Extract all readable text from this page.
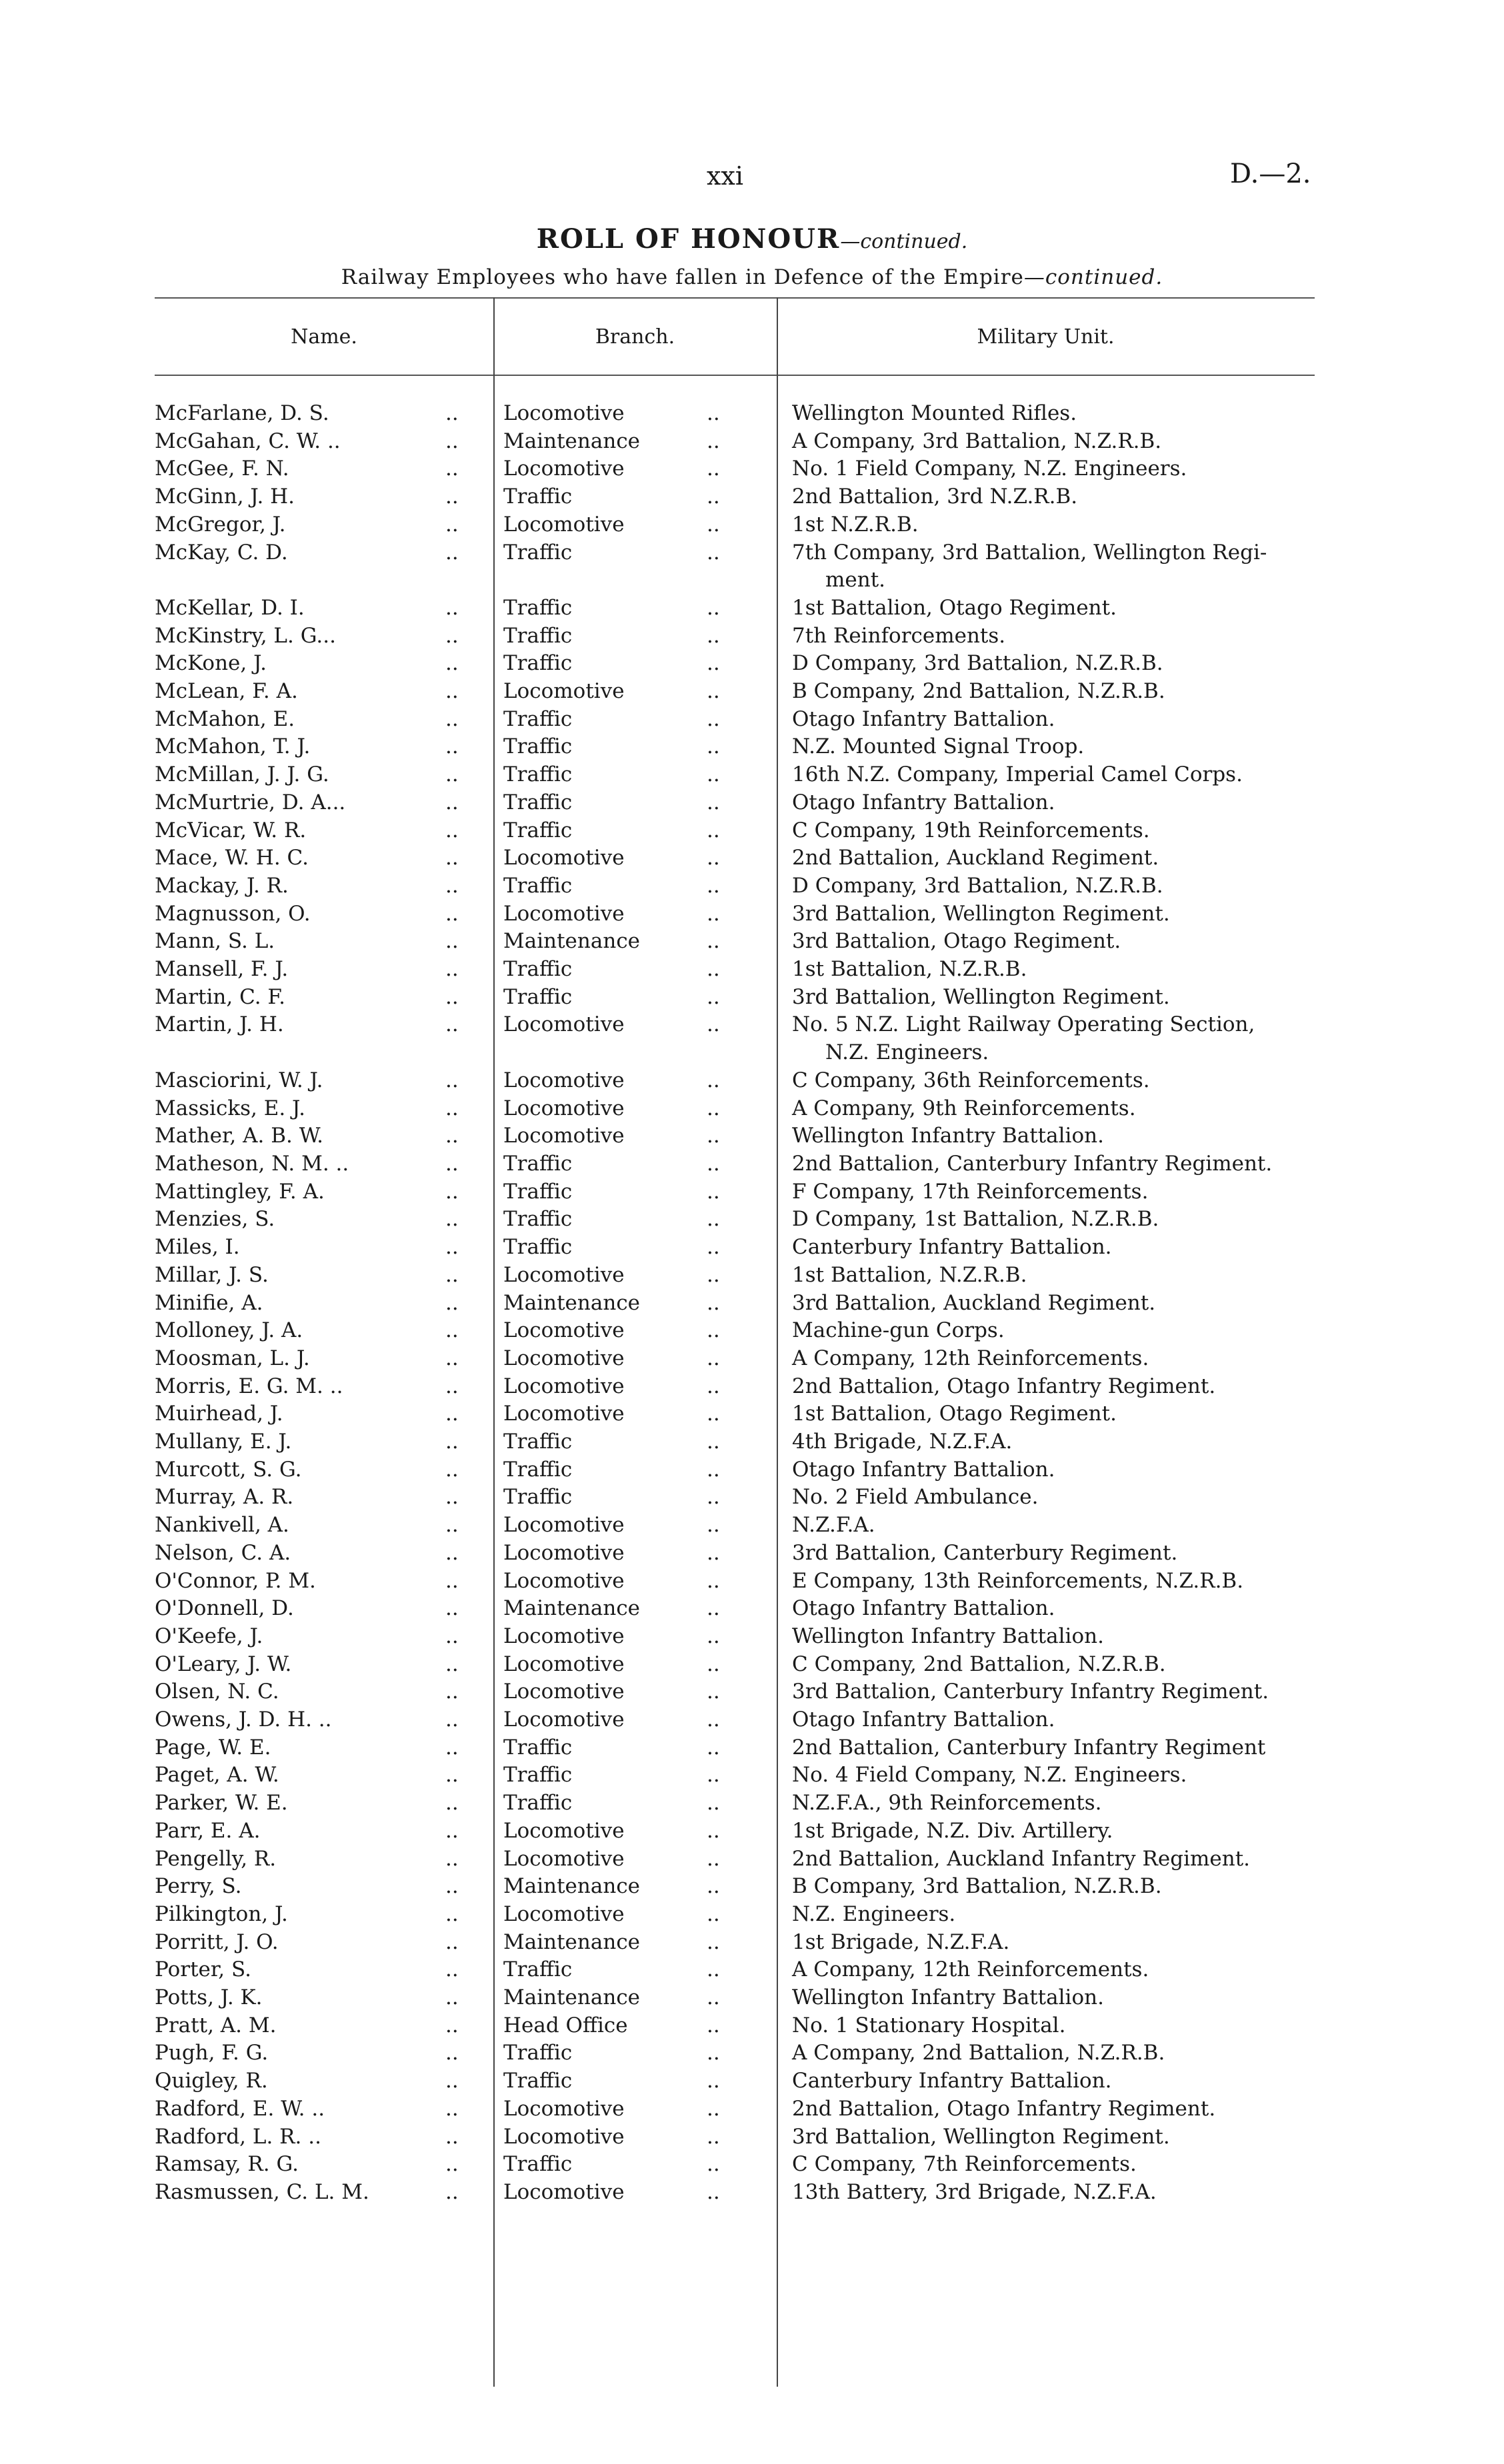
xxi	D.—2.
ROLL OF HONOUR—continued.
Railway Employees who have fallen in Defence of the Empire—continued.
Name.	Branch.	Military Unit.
McFarlane, D. S.	.. Locomotive	..	Wellington Mounted Rifles.
McGahan, C. W. ..	.. Maintenance	..	A Company, 3rd Battalion, N.Z.R.B.
McGee, F. N.	.. Locomotive	..	No. 1 Field Company, N.Z. Engineers.
McGinn, J. H.	.. Traffic	..	2nd Battalion, 3rd N.Z.R.B.
McGregor, J.	.. Locomotive	..	1st N.Z.R.B.
McKay, C. D.	.. Traffic	..	7th Company, 3rd Battalion, Wellington Regi-
ment.
McKellar, D. I.	.. Traffic	..	1st Battalion, Otago Regiment.
McKinstry, L. G...	.. Traffic	..	7th Reinforcements.
McKone, J.	.. Traffic	..	D Company, 3rd Battalion, N.Z.R.B.
McLean, F. A.	.. Locomotive	..	B Company, 2nd Battalion, N.Z.R.B.
McMahon, E.	.. Traffic	..	Otago Infantry Battalion.
McMahon, T. J.	.. Traffic	..	N.Z. Mounted Signal Troop.
McMillan, J. J. G.	.. Traffic	..	16th N.Z. Company, Imperial Camel Corps.
McMurtrie, D. A...	.. Traffic	..	Otago Infantry Battalion.
McVicar, W. R.	.. Traffic	..	C Company, 19th Reinforcements.
Mace, W. H. C.	.. Locomotive	..	2nd Battalion, Auckland Regiment.
Mackay, J. R.	.. Traffic	..	D Company, 3rd Battalion, N.Z.R.B.
Magnusson, O.	.. Locomotive	..	3rd Battalion, Wellington Regiment.
Mann, S. L.	.. Maintenance	..	3rd Battalion, Otago Regiment.
Mansell, F. J.	.. Traffic	..	1st Battalion, N.Z.R.B.
Martin, C. F.	.. Traffic	..	3rd Battalion, Wellington Regiment.
Martin, J. H.	.. Locomotive	..	No. 5 N.Z. Light Railway Operating Section,
N.Z. Engineers.
Masciorini, W. J.	.. Locomotive	..	C Company, 36th Reinforcements.
Massicks, E. J.	.. Locomotive	..	A Company, 9th Reinforcements.
Mather, A. B. W.	.. Locomotive	..	Wellington Infantry Battalion.
Matheson, N. M. ..	.. Traffic	..	2nd Battalion, Canterbury Infantry Regiment.
Mattingley, F. A.	.. Traffic	..	F Company, 17th Reinforcements.
Menzies, S.	.. Traffic	..	D Company, 1st Battalion, N.Z.R.B.
Miles, I.	.. Traffic	..	Canterbury Infantry Battalion.
Millar, J. S.	.. Locomotive	..	1st Battalion, N.Z.R.B.
Minifie, A.	.. Maintenance	..	3rd Battalion, Auckland Regiment.
Molloney, J. A.	.. Locomotive	..	Machine-gun Corps.
Moosman, L. J.	.. Locomotive	..	A Company, 12th Reinforcements.
Morris, E. G. M. ..	.. Locomotive	..	2nd Battalion, Otago Infantry Regiment.
Muirhead, J.	.. Locomotive	..	1st Battalion, Otago Regiment.
Mullany, E. J.	.. Traffic	..	4th Brigade, N.Z.F.A.
Murcott, S. G.	.. Traffic	..	Otago Infantry Battalion.
Murray, A. R.	.. Traffic	..	No. 2 Field Ambulance.
Nankivell, A.	.. Locomotive	..	N.Z.F.A.
Nelson, C. A.	.. Locomotive	..	3rd Battalion, Canterbury Regiment.
O'Connor, P. M.	.. Locomotive	..	E Company, 13th Reinforcements, N.Z.R.B.
O'Donnell, D.	.. Maintenance	..	Otago Infantry Battalion.
O'Keefe, J.	.. Locomotive	..	Wellington Infantry Battalion.
O'Leary, J. W.	.. Locomotive	..	C Company, 2nd Battalion, N.Z.R.B.
Olsen, N. C.	.. Locomotive	..	3rd Battalion, Canterbury Infantry Regiment.
Owens, J. D. H. ..	.. Locomotive	..	Otago Infantry Battalion.
Page, W. E.	.. Traffic	..	2nd Battalion, Canterbury Infantry Regiment
Paget, A. W.	.. Traffic	..	No. 4 Field Company, N.Z. Engineers.
Parker, W. E.	.. Traffic	..	N.Z.F.A., 9th Reinforcements.
Parr, E. A.	.. Locomotive	..	1st Brigade, N.Z. Div. Artillery.
Pengelly, R.	.. Locomotive	..	2nd Battalion, Auckland Infantry Regiment.
Perry, S.	.. Maintenance	..	B Company, 3rd Battalion, N.Z.R.B.
Pilkington, J.	.. Locomotive	..	N.Z. Engineers.
Porritt, J. O.	.. Maintenance	..	1st Brigade, N.Z.F.A.
Porter, S.	.. Traffic	..	A Company, 12th Reinforcements.
Potts, J. K.	.. Maintenance	..	Wellington Infantry Battalion.
Pratt, A. M.	.. Head Office	..	No. 1 Stationary Hospital.
Pugh, F. G.	.. Traffic	..	A Company, 2nd Battalion, N.Z.R.B.
Quigley, R.	.. Traffic	..	Canterbury Infantry Battalion.
Radford, E. W. ..	.. Locomotive	..	2nd Battalion, Otago Infantry Regiment.
Radford, L. R. ..	.. Locomotive	..	3rd Battalion, Wellington Regiment.
Ramsay, R. G.	.. Traffic	..	C Company, 7th Reinforcements.
Rasmussen, C. L. M.	.. Locomotive	..	13th Battery, 3rd Brigade, N.Z.F.A.
